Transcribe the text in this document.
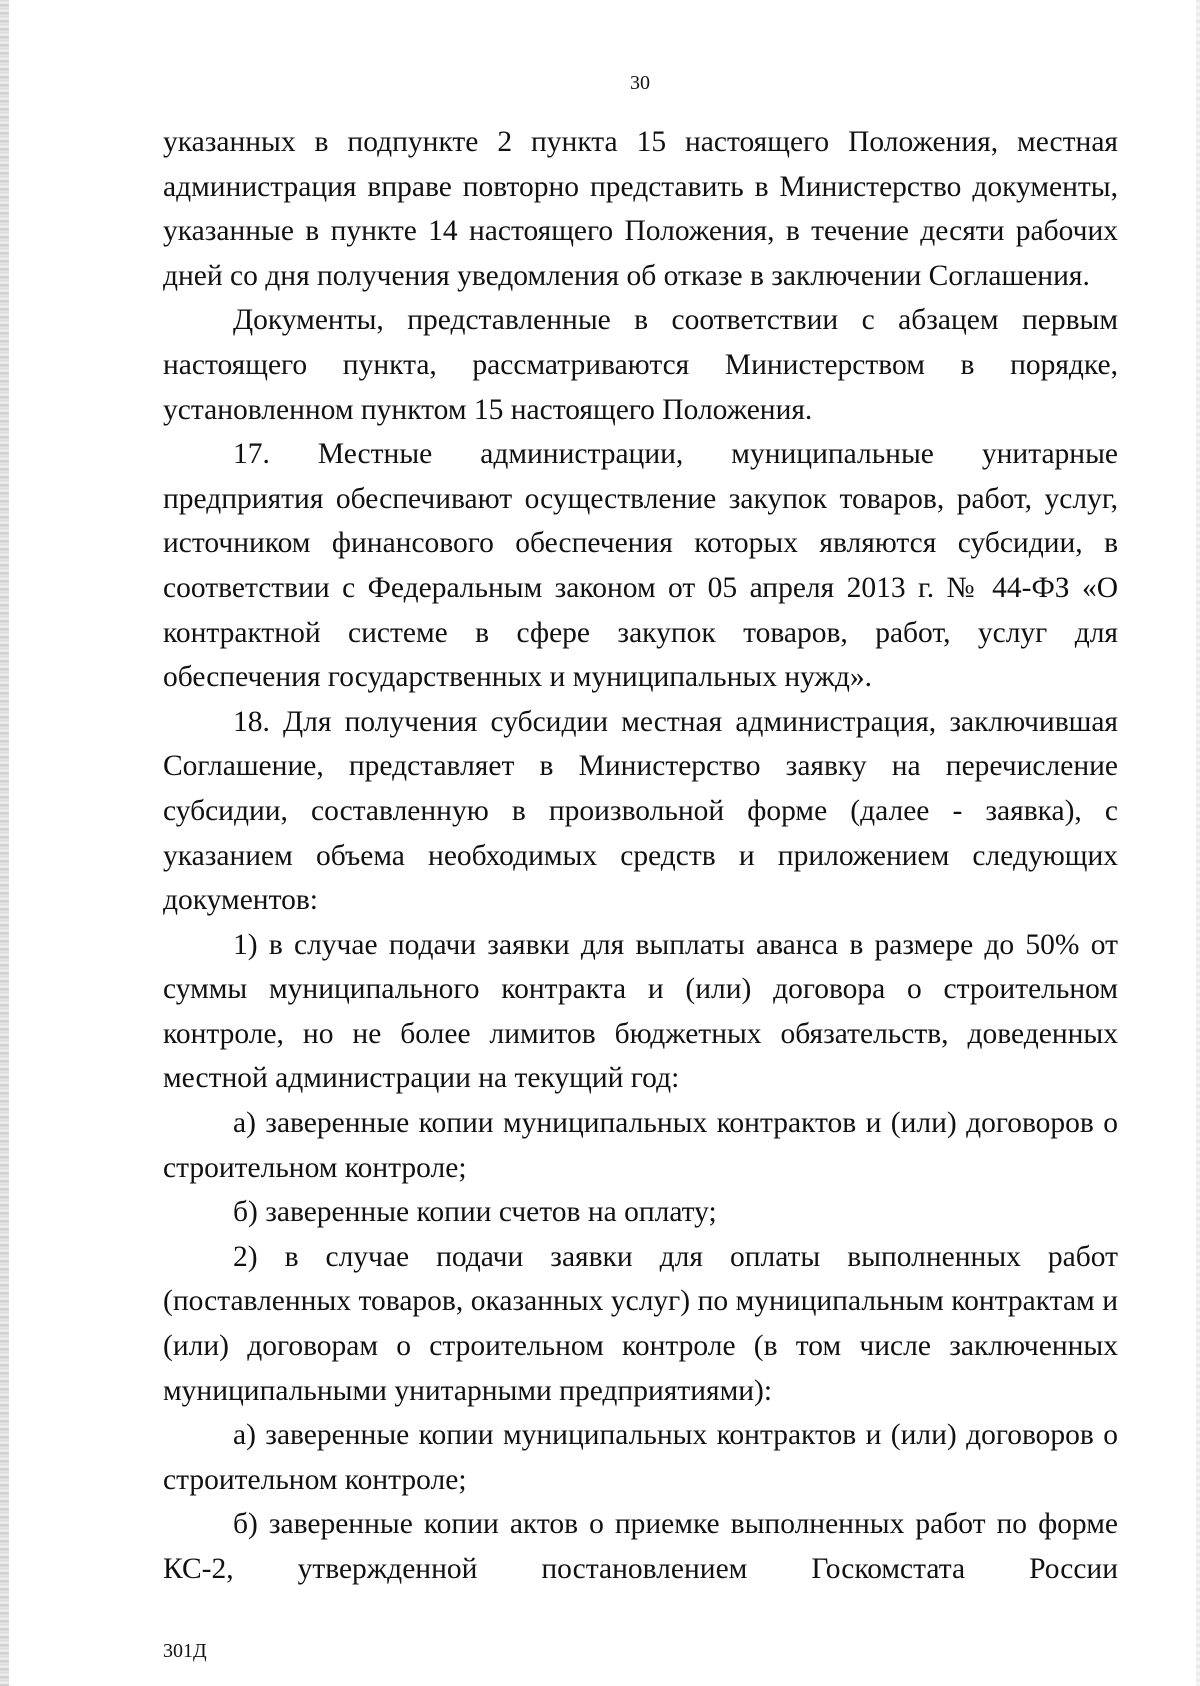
30

указанных в подпункте 2 пункта 15 настоящего Положения, местная администрация вправе повторно представить в Министерство документы, указанные в пункте 14 настоящего Положения, в течение десяти рабочих дней со дня получения уведомления об отказе в заключении Соглашения.

Документы, представленные в соответствии с абзацем первым настоящего пункта, рассматриваются Министерством в порядке, установленном пунктом 15 настоящего Положения.

17. Местные администрации, муниципальные унитарные предприятия обеспечивают осуществление закупок товаров, работ, услуг, источником финансового обеспечения которых являются субсидии, в соответствии с Федеральным законом от 05 апреля 2013 г. № 44-ФЗ «О контрактной системе в сфере закупок товаров, работ, услуг для обеспечения государственных и муниципальных нужд».

18. Для получения субсидии местная администрация, заключившая Соглашение, представляет в Министерство заявку на перечисление субсидии, составленную в произвольной форме (далее - заявка), с указанием объема необходимых средств и приложением следующих документов:

1) в случае подачи заявки для выплаты аванса в размере до 50% от суммы муниципального контракта и (или) договора о строительном контроле, но не более лимитов бюджетных обязательств, доведенных местной администрации на текущий год:

а) заверенные копии муниципальных контрактов и (или) договоров о строительном контроле;

б) заверенные копии счетов на оплату;

2) в случае подачи заявки для оплаты выполненных работ (поставленных товаров, оказанных услуг) по муниципальным контрактам и (или) договорам о строительном контроле (в том числе заключенных муниципальными унитарными предприятиями):

а) заверенные копии муниципальных контрактов и (или) договоров о строительном контроле;

б) заверенные копии актов о приемке выполненных работ по форме КС-2, утвержденной постановлением Госкомстата России

301Д
